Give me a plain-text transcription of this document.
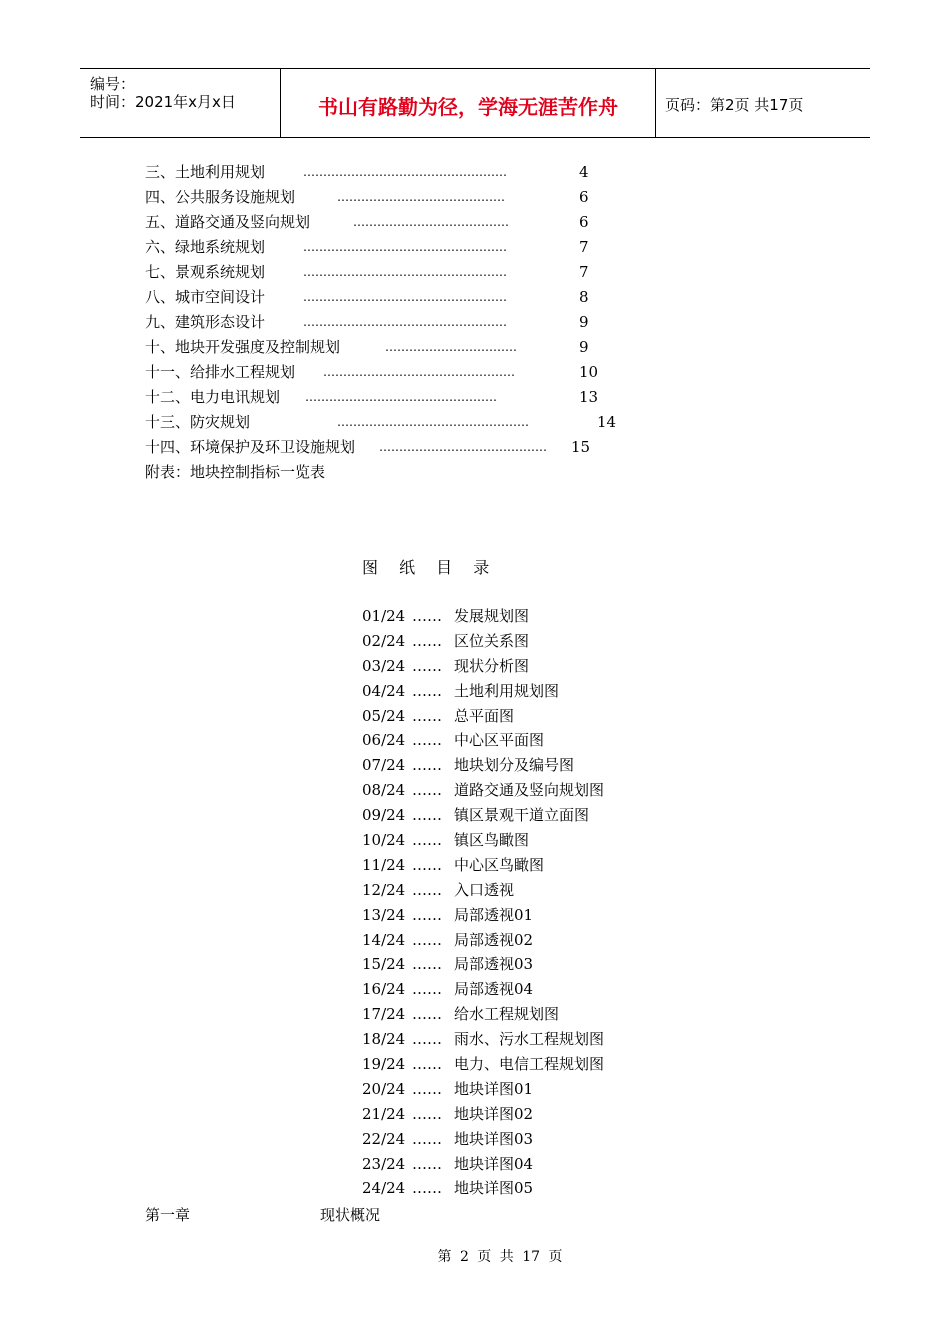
编号：
时间：2021年x月x日	书山有路勤为径，学海无涯苦作舟	页码：第2页 共17页
三、土地利用规划	……………………………………………	4
四、公共服务设施规划	……………………………………	6
五、道路交通及竖向规划	…………………………………	6
六、绿地系统规划	……………………………………………	7
七、景观系统规划	……………………………………………	7
八、城市空间设计	……………………………………………	8
九、建筑形态设计	……………………………………………	9
十、地块开发强度及控制规划	……………………………	9
十一、给排水工程规划 …………………………………………	10
十二、电力电讯规划 …………………………………………	13
十三、防灾规划	…………………………………………	14
十四、环境保护及环卫设施规划 …………………………………… 15
附表：地块控制指标一览表
图 纸 目 录
01/24 …… 发展规划图
02/24 …… 区位关系图
03/24 …… 现状分析图
04/24 …… 土地利用规划图
05/24 …… 总平面图
06/24 …… 中心区平面图
07/24 …… 地块划分及编号图
08/24 …… 道路交通及竖向规划图
09/24 …… 镇区景观干道立面图
10/24 …… 镇区鸟瞰图
11/24 …… 中心区鸟瞰图
12/24 …… 入口透视
13/24 …… 局部透视01
14/24 …… 局部透视02
15/24 …… 局部透视03
16/24 …… 局部透视04
17/24 …… 给水工程规划图
18/24 …… 雨水、污水工程规划图
19/24 …… 电力、电信工程规划图
20/24 …… 地块详图01
21/24 …… 地块详图02
22/24 …… 地块详图03
23/24 …… 地块详图04
24/24 …… 地块详图05
第一章	现状概况
第 2 页 共 17 页
